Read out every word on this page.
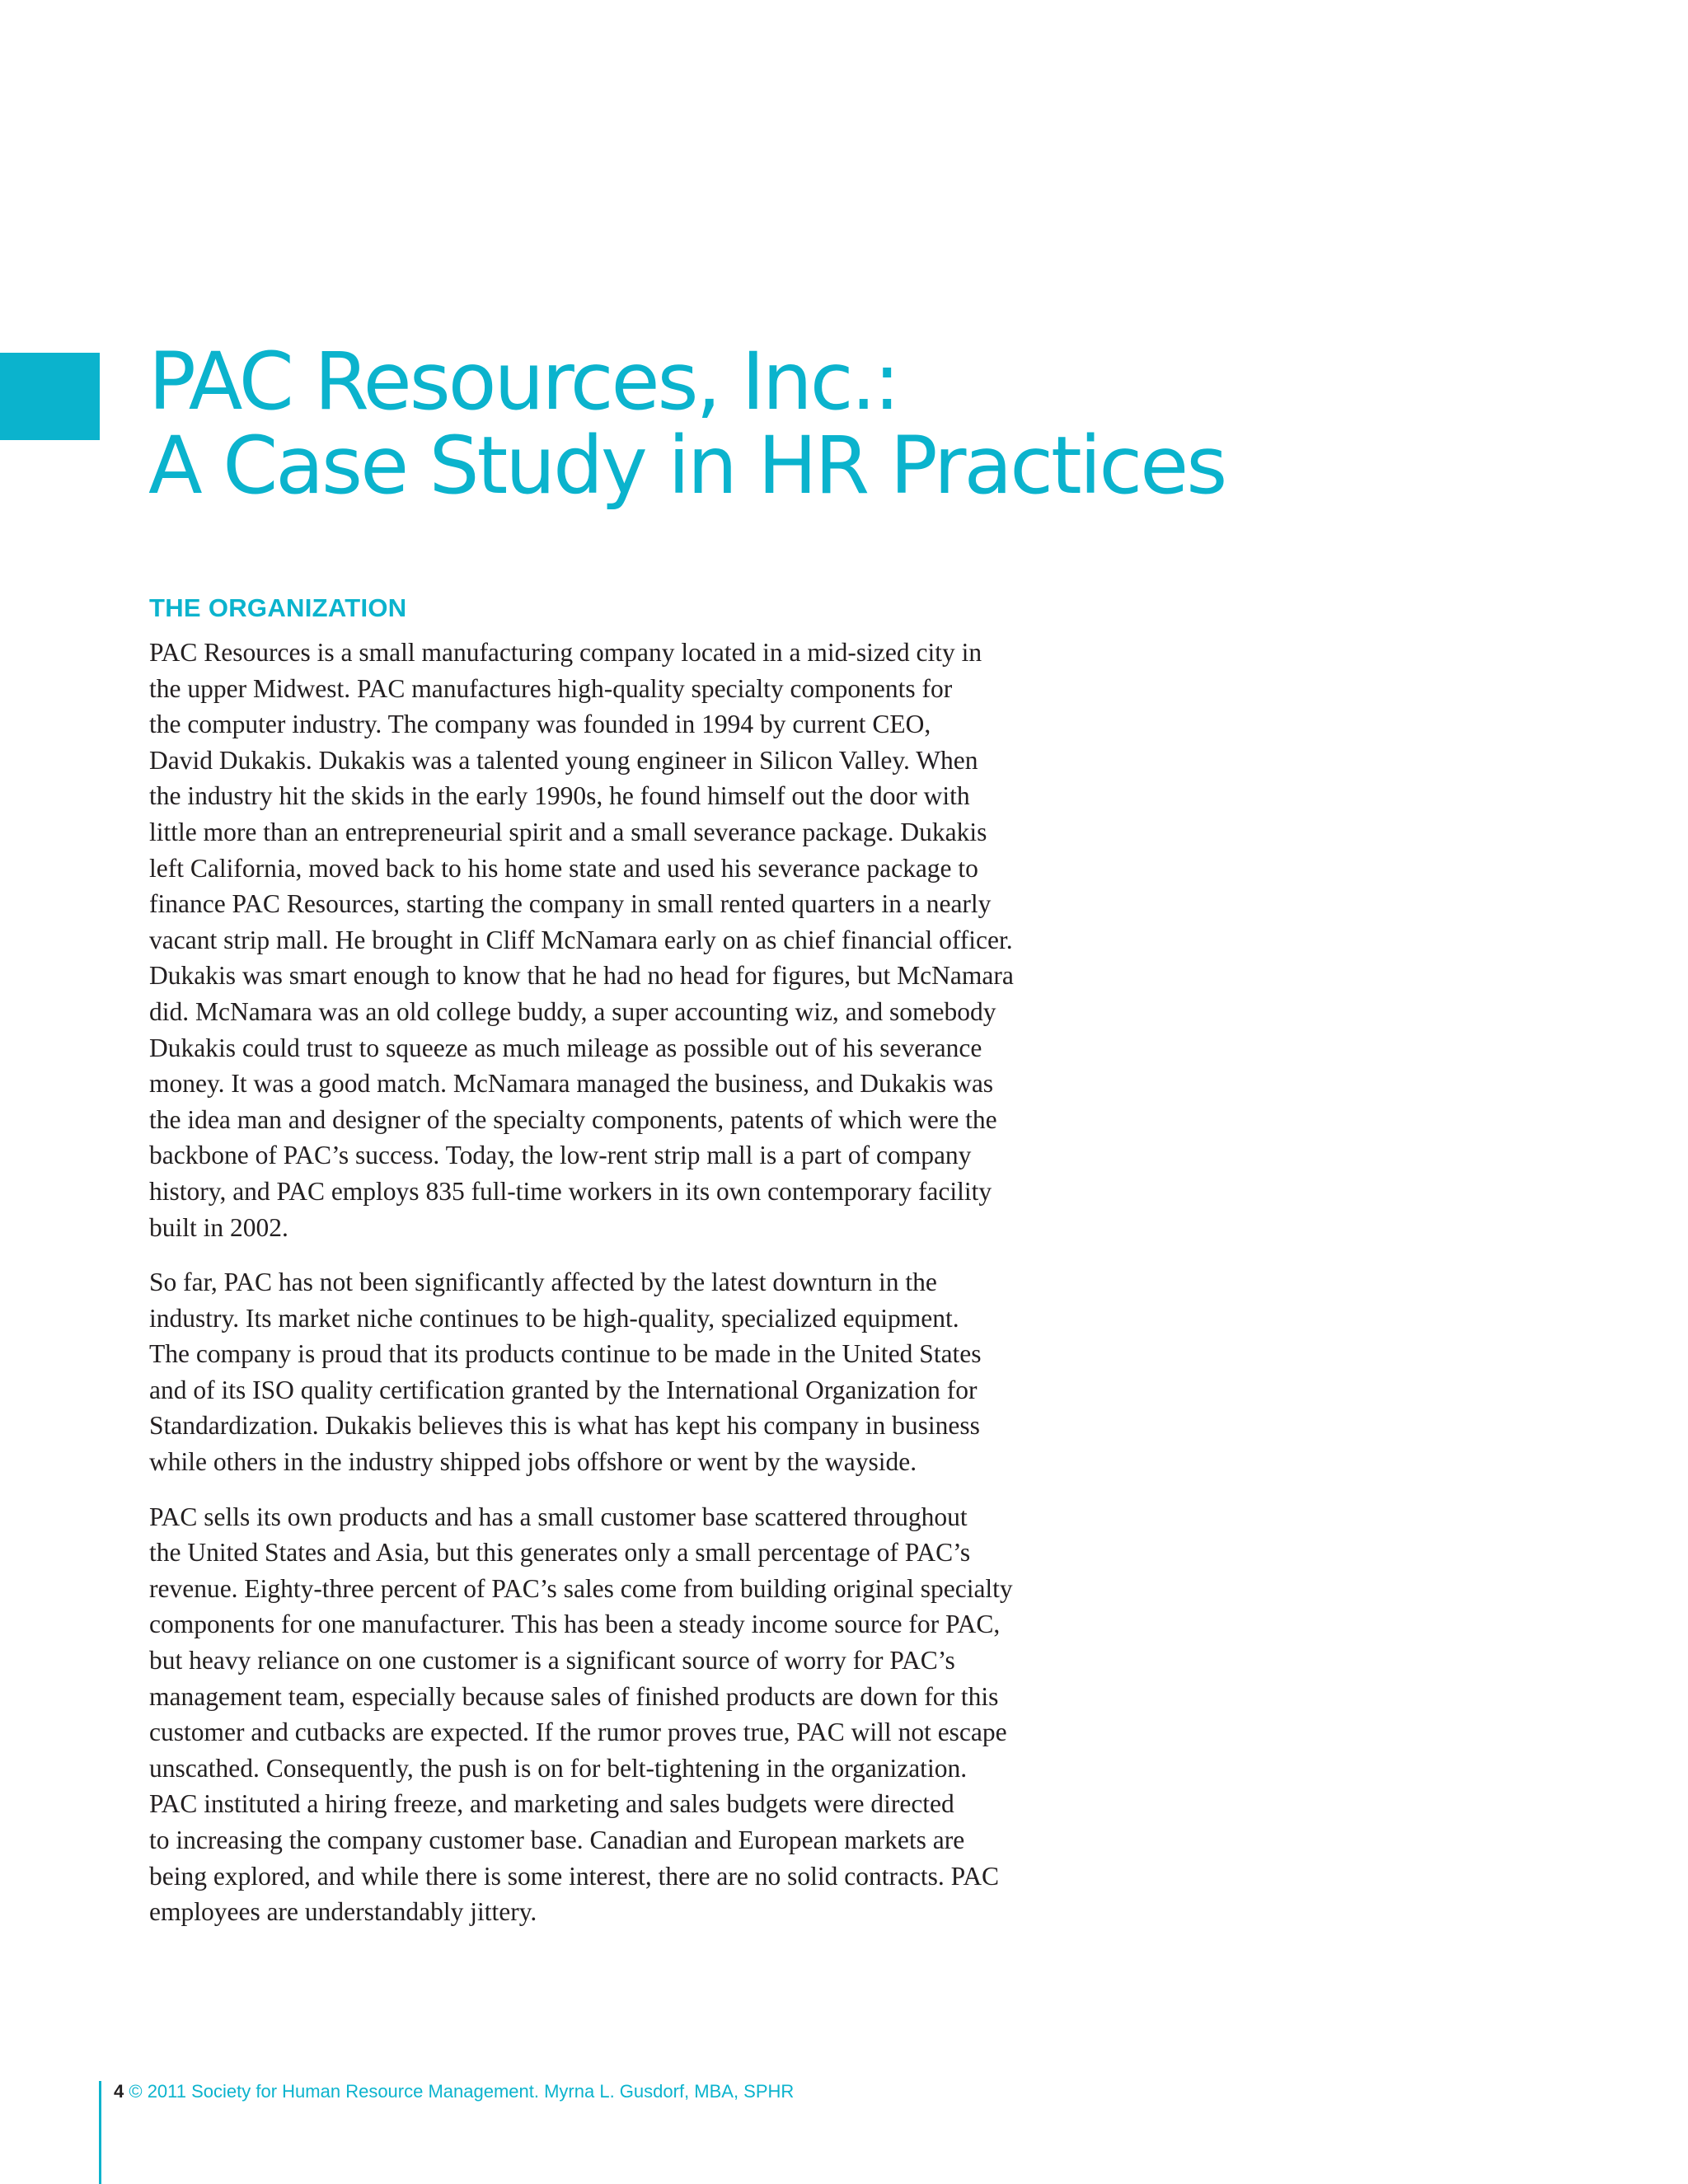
PAC Resources, Inc.:
A Case Study in HR Practices
THE ORGANIZATION

PAC Resources is a small manufacturing company located in a mid-sized city in
the upper Midwest. PAC manufactures high-quality specialty components for
the computer industry. The company was founded in 1994 by current CEO,
David Dukakis. Dukakis was a talented young engineer in Silicon Valley. When
the industry hit the skids in the early 1990s, he found himself out the door with
little more than an entrepreneurial spirit and a small severance package. Dukakis
left California, moved back to his home state and used his severance package to
finance PAC Resources, starting the company in small rented quarters in a nearly
vacant strip mall. He brought in Cliff McNamara early on as chief financial officer.
Dukakis was smart enough to know that he had no head for figures, but McNamara
did. McNamara was an old college buddy, a super accounting wiz, and somebody
Dukakis could trust to squeeze as much mileage as possible out of his severance
money. It was a good match. McNamara managed the business, and Dukakis was
the idea man and designer of the specialty components, patents of which were the
backbone of PAC’s success. Today, the low-rent strip mall is a part of company
history, and PAC employs 835 full-time workers in its own contemporary facility
built in 2002.

So far, PAC has not been significantly affected by the latest downturn in the
industry. Its market niche continues to be high-quality, specialized equipment.
The company is proud that its products continue to be made in the United States
and of its ISO quality certification granted by the International Organization for
Standardization. Dukakis believes this is what has kept his company in business
while others in the industry shipped jobs offshore or went by the wayside.

PAC sells its own products and has a small customer base scattered throughout
the United States and Asia, but this generates only a small percentage of PAC’s
revenue. Eighty-three percent of PAC’s sales come from building original specialty
components for one manufacturer. This has been a steady income source for PAC,
but heavy reliance on one customer is a significant source of worry for PAC’s
management team, especially because sales of finished products are down for this
customer and cutbacks are expected. If the rumor proves true, PAC will not escape
unscathed. Consequently, the push is on for belt-tightening in the organization.
PAC instituted a hiring freeze, and marketing and sales budgets were directed
to increasing the company customer base. Canadian and European markets are
being explored, and while there is some interest, there are no solid contracts. PAC
employees are understandably jittery.

4 © 2011 Society for Human Resource Management. Myrna L. Gusdorf, MBA, SPHR
